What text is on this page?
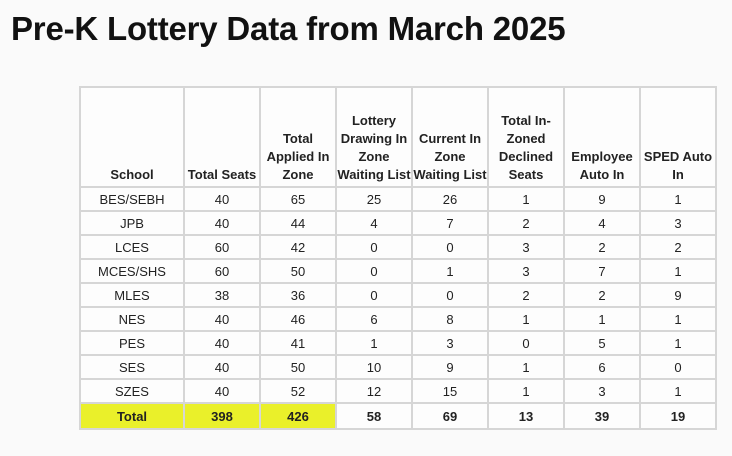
Pre-K Lottery Data from March 2025
School	Total Seats	Total Applied In Zone	Lottery Drawing In Zone Waiting List	Current In Zone Waiting List	Total In-Zoned Declined Seats	Employee Auto In	SPED Auto In
BES/SEBH	40	65	25	26	1	9	1
JPB	40	44	4	7	2	4	3
LCES	60	42	0	0	3	2	2
MCES/SHS	60	50	0	1	3	7	1
MLES	38	36	0	0	2	2	9
NES	40	46	6	8	1	1	1
PES	40	41	1	3	0	5	1
SES	40	50	10	9	1	6	0
SZES	40	52	12	15	1	3	1
Total	398	426	58	69	13	39	19
